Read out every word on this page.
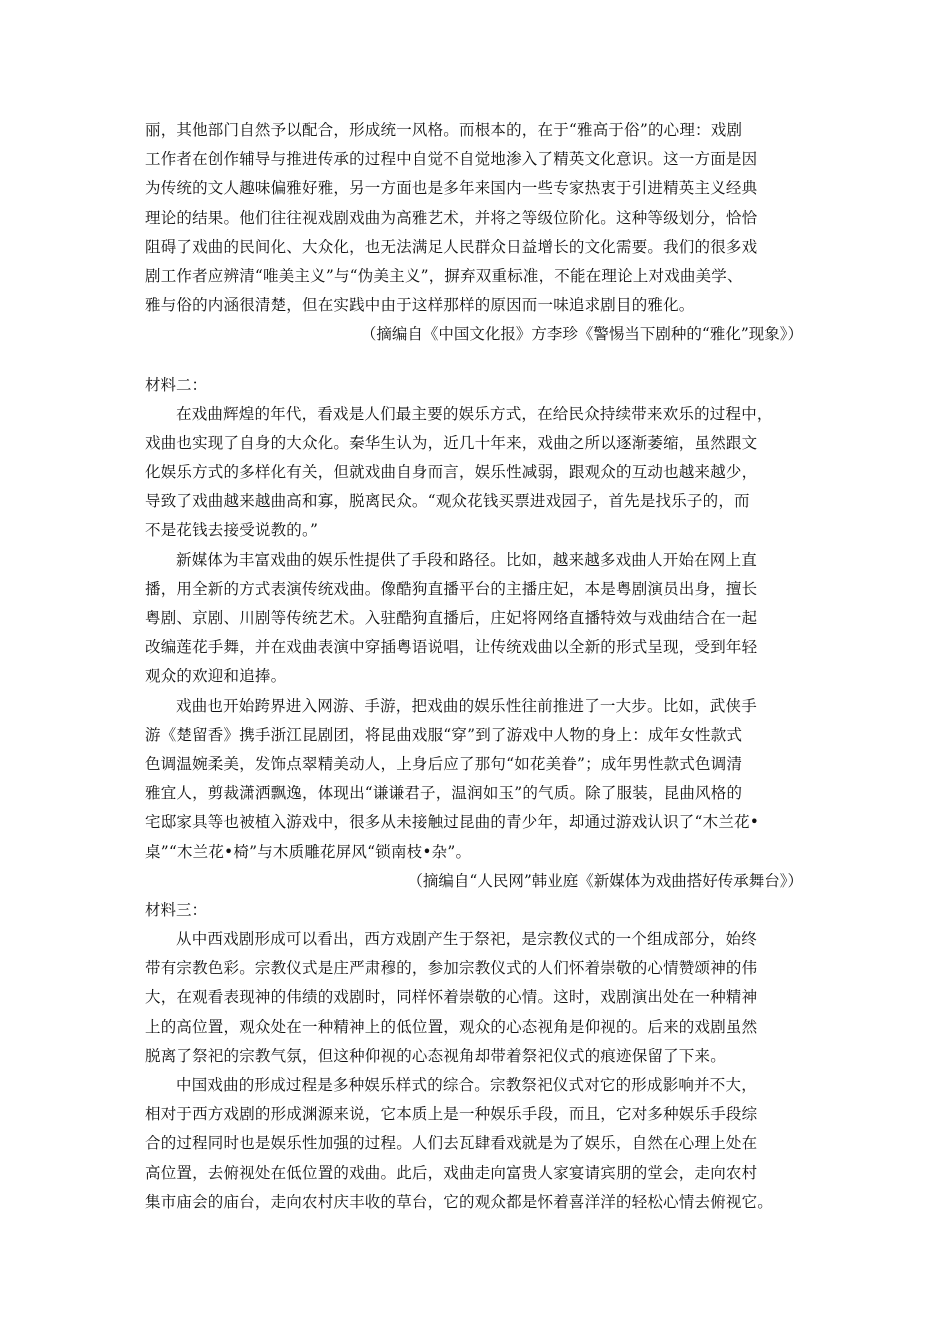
丽，其他部门自然予以配合，形成统一风格。而根本的，在于“雅高于俗”的心理：戏剧
工作者在创作辅导与推进传承的过程中自觉不自觉地渗入了精英文化意识。这一方面是因
为传统的文人趣味偏雅好雅，另一方面也是多年来国内一些专家热衷于引进精英主义经典
理论的结果。他们往往视戏剧戏曲为高雅艺术，并将之等级位阶化。这种等级划分，恰恰
阻碍了戏曲的民间化、大众化，也无法满足人民群众日益增长的文化需要。我们的很多戏
剧工作者应辨清“唯美主义”与“伪美主义”，摒弃双重标准，不能在理论上对戏曲美学、
雅与俗的内涵很清楚，但在实践中由于这样那样的原因而一味追求剧目的雅化。
（摘编自《中国文化报》方李珍《警惕当下剧种的“雅化”现象》）
材料二：
在戏曲辉煌的年代，看戏是人们最主要的娱乐方式，在给民众持续带来欢乐的过程中，
戏曲也实现了自身的大众化。秦华生认为，近几十年来，戏曲之所以逐渐萎缩，虽然跟文
化娱乐方式的多样化有关，但就戏曲自身而言，娱乐性减弱，跟观众的互动也越来越少，
导致了戏曲越来越曲高和寡，脱离民众。“观众花钱买票进戏园子，首先是找乐子的，而
不是花钱去接受说教的。”
新媒体为丰富戏曲的娱乐性提供了手段和路径。比如，越来越多戏曲人开始在网上直
播，用全新的方式表演传统戏曲。像酷狗直播平台的主播庄妃，本是粤剧演员出身，擅长
粤剧、京剧、川剧等传统艺术。入驻酷狗直播后，庄妃将网络直播特效与戏曲结合在一起
改编莲花手舞，并在戏曲表演中穿插粤语说唱，让传统戏曲以全新的形式呈现，受到年轻
观众的欢迎和追捧。
戏曲也开始跨界进入网游、手游，把戏曲的娱乐性往前推进了一大步。比如，武侠手
游《楚留香》携手浙江昆剧团，将昆曲戏服“穿”到了游戏中人物的身上：成年女性款式
色调温婉柔美，发饰点翠精美动人，上身后应了那句“如花美眷”；成年男性款式色调清
雅宜人，剪裁潇洒飘逸，体现出“谦谦君子，温润如玉”的气质。除了服装，昆曲风格的
宅邸家具等也被植入游戏中，很多从未接触过昆曲的青少年，却通过游戏认识了“木兰花•
桌”“木兰花•椅”与木质雕花屏风“锁南枝•杂”。
（摘编自“人民网”韩业庭《新媒体为戏曲搭好传承舞台》）
材料三：
从中西戏剧形成可以看出，西方戏剧产生于祭祀，是宗教仪式的一个组成部分，始终
带有宗教色彩。宗教仪式是庄严肃穆的，参加宗教仪式的人们怀着崇敬的心情赞颂神的伟
大，在观看表现神的伟绩的戏剧时，同样怀着崇敬的心情。这时，戏剧演出处在一种精神
上的高位置，观众处在一种精神上的低位置，观众的心态视角是仰视的。后来的戏剧虽然
脱离了祭祀的宗教气氛，但这种仰视的心态视角却带着祭祀仪式的痕迹保留了下来。
中国戏曲的形成过程是多种娱乐样式的综合。宗教祭祀仪式对它的形成影响并不大，
相对于西方戏剧的形成渊源来说，它本质上是一种娱乐手段，而且，它对多种娱乐手段综
合的过程同时也是娱乐性加强的过程。人们去瓦肆看戏就是为了娱乐，自然在心理上处在
高位置，去俯视处在低位置的戏曲。此后，戏曲走向富贵人家宴请宾朋的堂会，走向农村
集市庙会的庙台，走向农村庆丰收的草台，它的观众都是怀着喜洋洋的轻松心情去俯视它。
